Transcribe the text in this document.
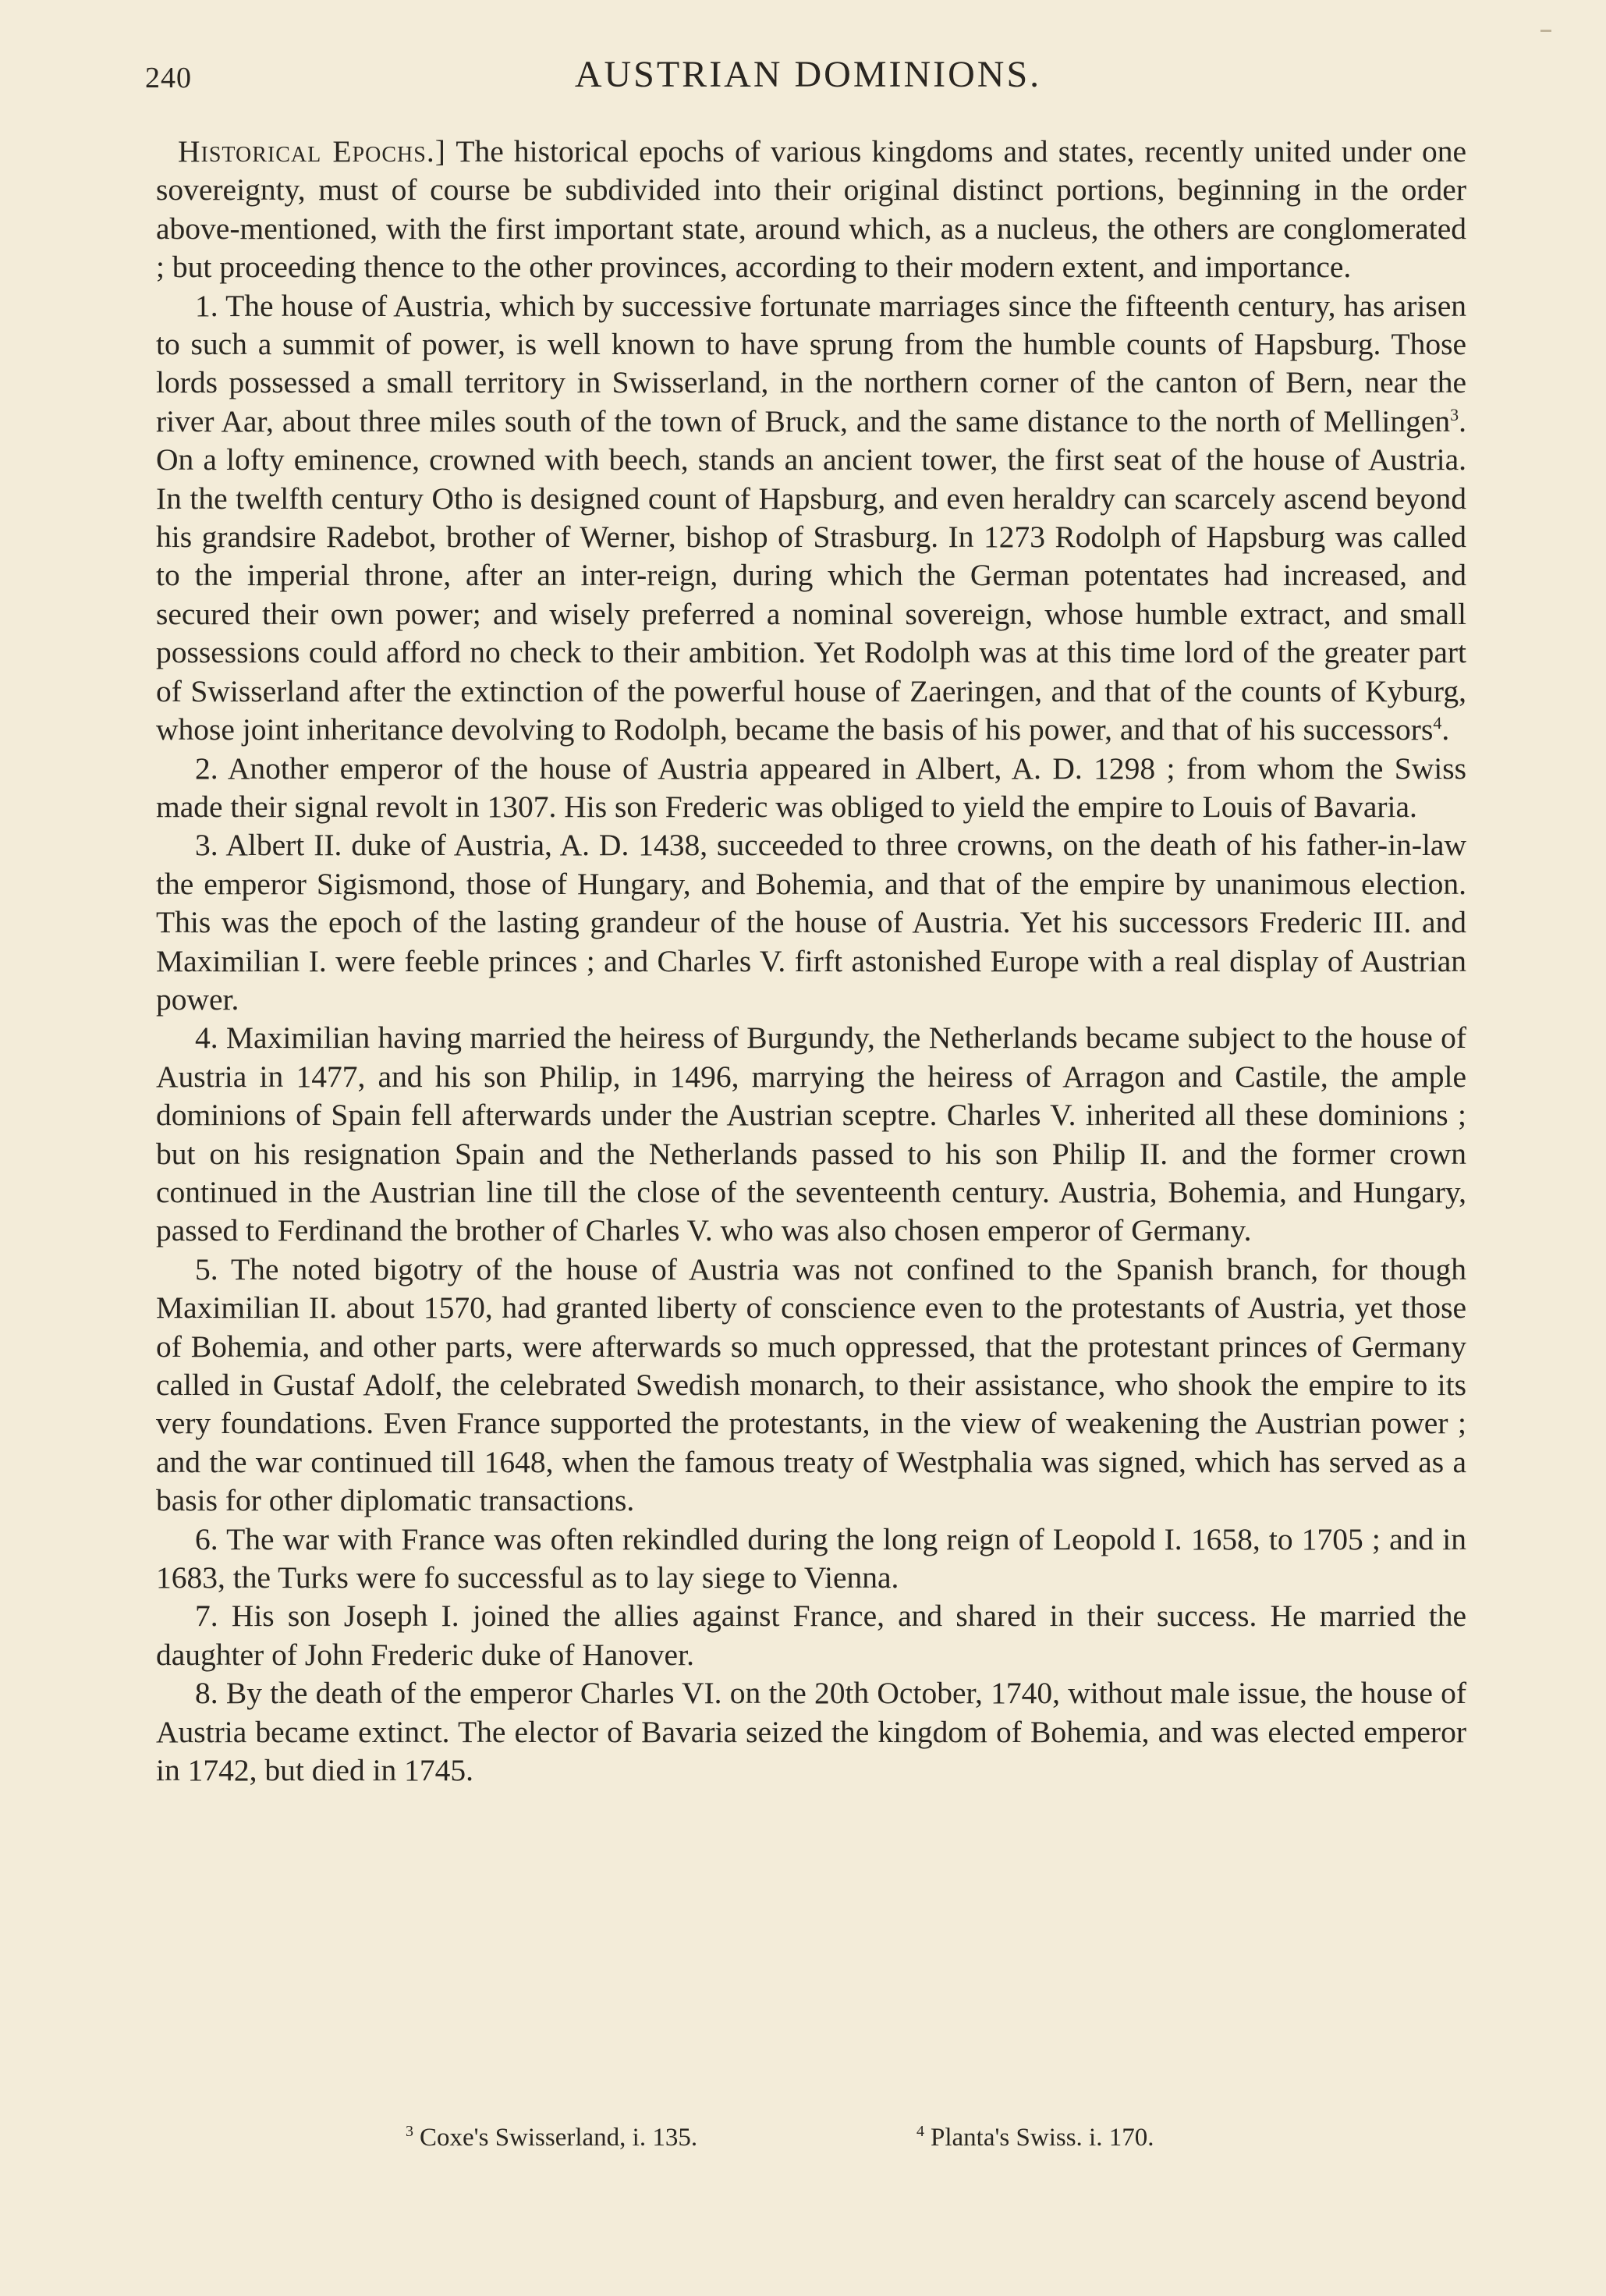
240	AUSTRIAN DOMINIONS.

Historical Epochs.] The historical epochs of various kingdoms and states, recently united under one sovereignty, must of course be subdivided into their original distinct portions, beginning in the order above-mentioned, with the first important state, around which, as a nucleus, the others are conglomerated ; but proceeding thence to the other provinces, according to their modern extent, and importance.

1. The house of Austria, which by successive fortunate marriages since the fifteenth century, has arisen to such a summit of power, is well known to have sprung from the humble counts of Hapsburg. Those lords possessed a small territory in Swisserland, in the northern corner of the canton of Bern, near the river Aar, about three miles south of the town of Bruck, and the same distance to the north of Mellingen$^3$. On a lofty eminence, crowned with beech, stands an ancient tower, the first seat of the house of Austria. In the twelfth century Otho is designed count of Hapsburg, and even heraldry can scarcely ascend beyond his grandsire Radebot, brother of Werner, bishop of Strasburg. In 1273 Rodolph of Hapsburg was called to the imperial throne, after an inter-reign, during which the German potentates had increased, and secured their own power; and wisely preferred a nominal sovereign, whose humble extract, and small possessions could afford no check to their ambition. Yet Rodolph was at this time lord of the greater part of Swisserland after the extinction of the powerful house of Zaeringen, and that of the counts of Kyburg, whose joint inheritance devolving to Rodolph, became the basis of his power, and that of his successors$^4$.

2. Another emperor of the house of Austria appeared in Albert, A. D. 1298 ; from whom the Swiss made their signal revolt in 1307. His son Frederic was obliged to yield the empire to Louis of Bavaria.

3. Albert II. duke of Austria, A. D. 1438, succeeded to three crowns, on the death of his father-in-law the emperor Sigismond, those of Hungary, and Bohemia, and that of the empire by unanimous election. This was the epoch of the lasting grandeur of the house of Austria. Yet his successors Frederic III. and Maximilian I. were feeble princes ; and Charles V. firft astonished Europe with a real display of Austrian power.

4. Maximilian having married the heiress of Burgundy, the Netherlands became subject to the house of Austria in 1477, and his son Philip, in 1496, marrying the heiress of Arragon and Castile, the ample dominions of Spain fell afterwards under the Austrian sceptre. Charles V. inherited all these dominions ; but on his resignation Spain and the Netherlands passed to his son Philip II. and the former crown continued in the Austrian line till the close of the seventeenth century. Austria, Bohemia, and Hungary, passed to Ferdinand the brother of Charles V. who was also chosen emperor of Germany.

5. The noted bigotry of the house of Austria was not confined to the Spanish branch, for though Maximilian II. about 1570, had granted liberty of conscience even to the protestants of Austria, yet those of Bohemia, and other parts, were afterwards so much oppressed, that the protestant princes of Germany called in Gustaf Adolf, the celebrated Swedish monarch, to their assistance, who shook the empire to its very foundations. Even France supported the protestants, in the view of weakening the Austrian power ; and the war continued till 1648, when the famous treaty of Westphalia was signed, which has served as a basis for other diplomatic transactions.

6. The war with France was often rekindled during the long reign of Leopold I. 1658, to 1705 ; and in 1683, the Turks were fo successful as to lay siege to Vienna.

7. His son Joseph I. joined the allies against France, and shared in their success. He married the daughter of John Frederic duke of Hanover.

8. By the death of the emperor Charles VI. on the 20th October, 1740, without male issue, the house of Austria became extinct. The elector of Bavaria seized the kingdom of Bohemia, and was elected emperor in 1742, but died in 1745.

$^3$ Coxe's Swisserland, i. 135.	$^4$ Planta's Swiss. i. 170.
